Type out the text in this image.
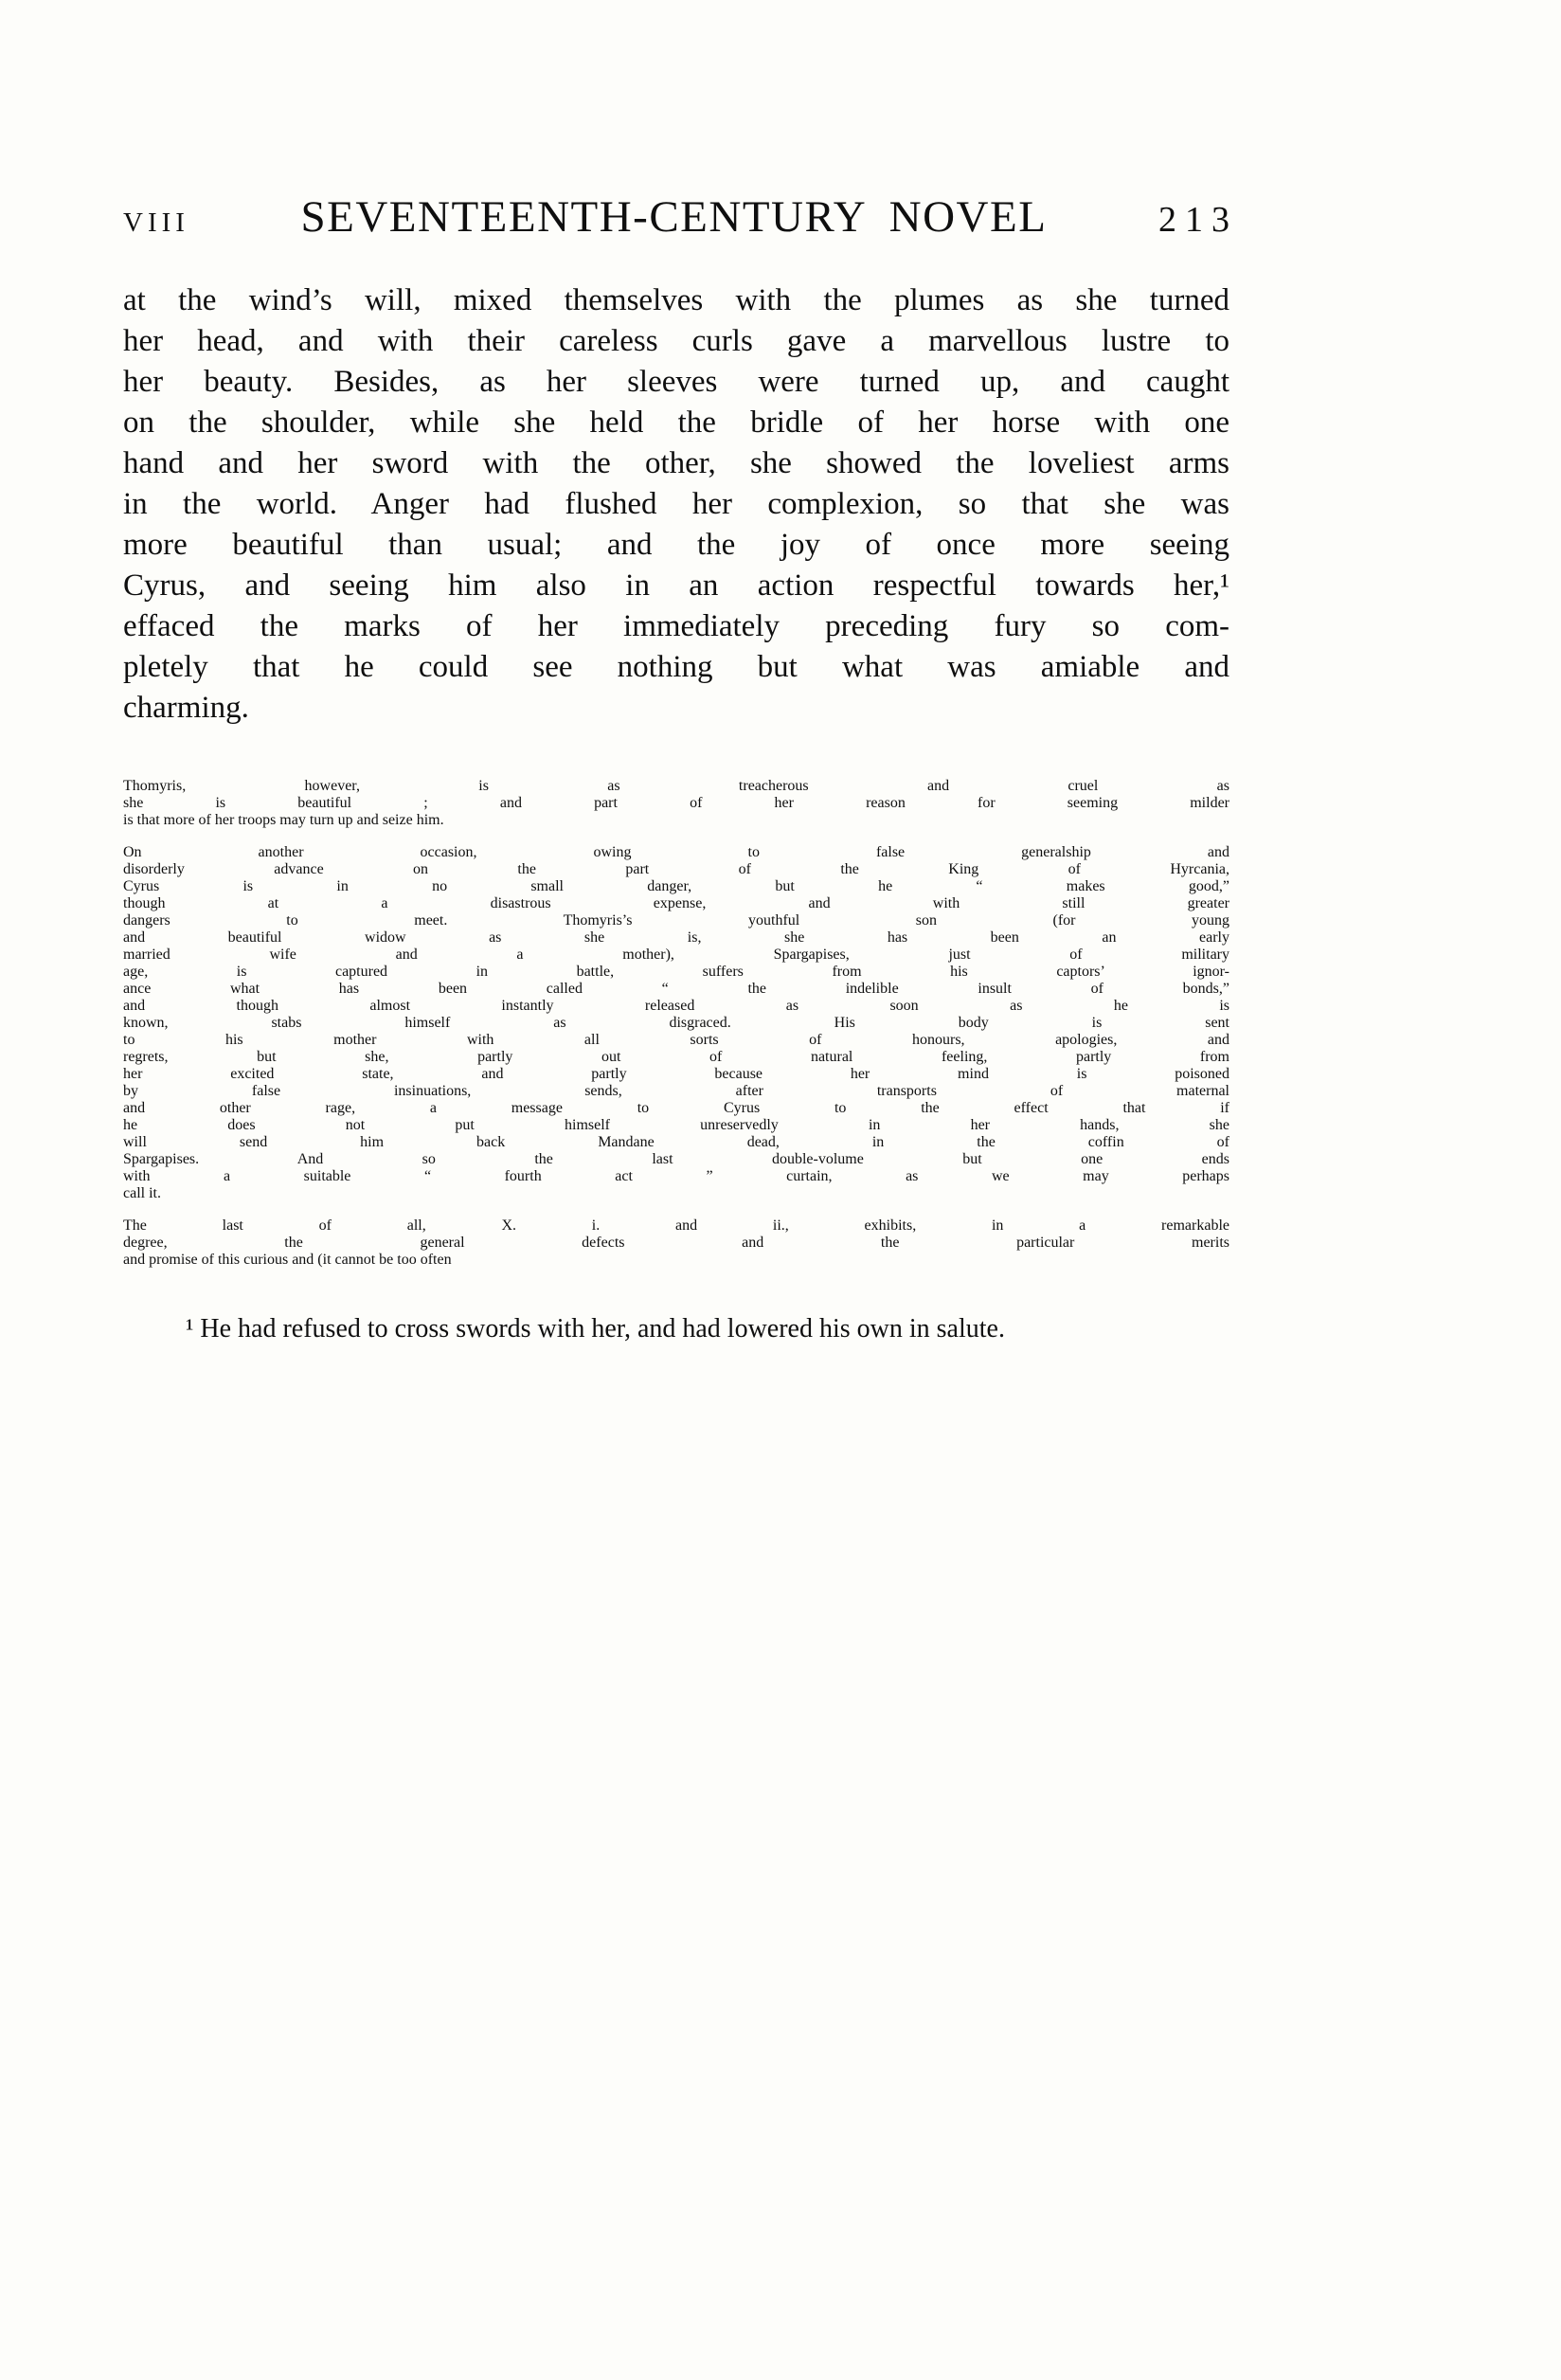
VIII	SEVENTEENTH-CENTURY NOVEL	213
at the wind’s will, mixed themselves with the plumes as she turned
her head, and with their careless curls gave a marvellous lustre to
her beauty. Besides, as her sleeves were turned up, and caught
on the shoulder, while she held the bridle of her horse with one
hand and her sword with the other, she showed the loveliest arms
in the world. Anger had flushed her complexion, so that she was
more beautiful than usual; and the joy of once more seeing
Cyrus, and seeing him also in an action respectful towards her,¹
effaced the marks of her immediately preceding fury so com-
pletely that he could see nothing but what was amiable and
charming.

Thomyris, however, is as treacherous and cruel as
she is beautiful ; and part of her reason for seeming milder
is that more of her troops may turn up and seize him.

On another occasion, owing to false generalship and
disorderly advance on the part of the King of Hyrcania,
Cyrus is in no small danger, but he “ makes good,”
though at a disastrous expense, and with still greater
dangers to meet. Thomyris’s youthful son (for young
and beautiful widow as she is, she has been an early
married wife and a mother), Spargapises, just of military
age, is captured in battle, suffers from his captors’ ignor-
ance what has been called “ the indelible insult of bonds,”
and though almost instantly released as soon as he is
known, stabs himself as disgraced. His body is sent
to his mother with all sorts of honours, apologies, and
regrets, but she, partly out of natural feeling, partly from
her excited state, and partly because her mind is poisoned
by false insinuations, sends, after transports of maternal
and other rage, a message to Cyrus to the effect that if
he does not put himself unreservedly in her hands, she
will send him back Mandane dead, in the coffin of
Spargapises. And so the last double-volume but one ends
with a suitable “ fourth act ” curtain, as we may perhaps
call it.

The last of all, X. i. and ii., exhibits, in a remarkable
degree, the general defects and the particular merits
and promise of this curious and (it cannot be too often

¹ He had refused to cross swords with her, and had lowered his own in salute.
